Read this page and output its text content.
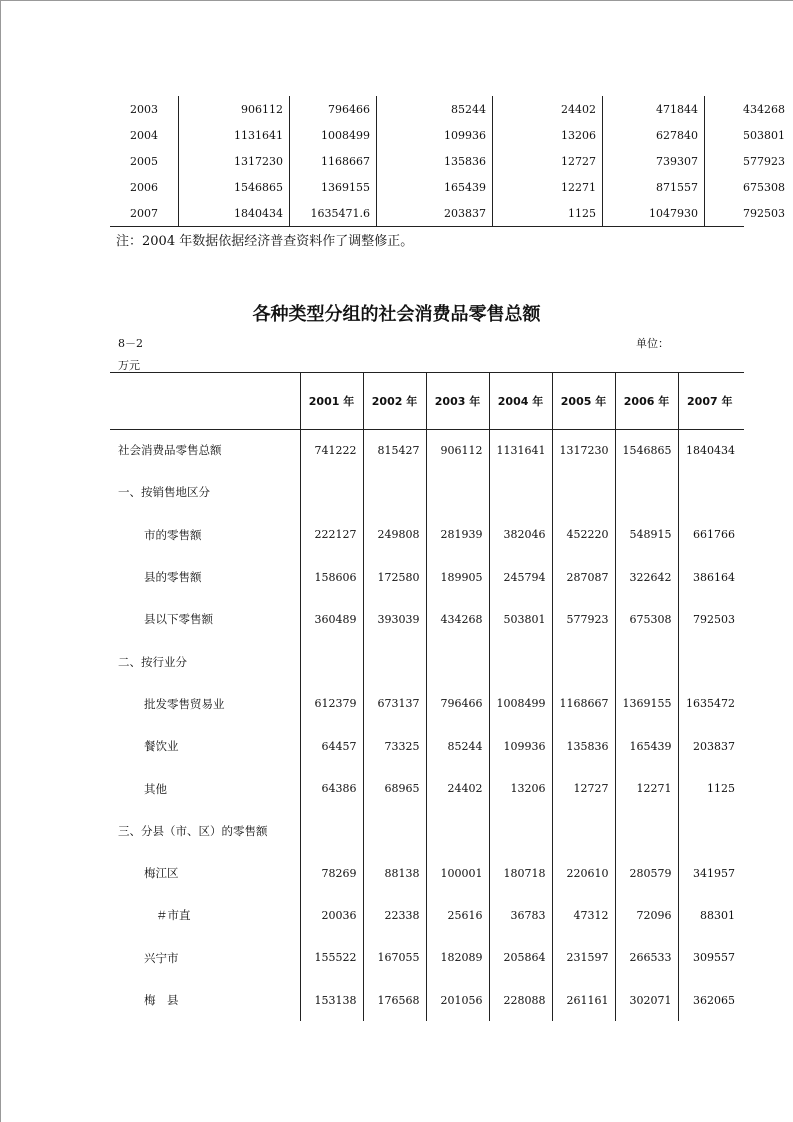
2003	906112	796466	85244	24402	471844	434268
2004	1131641	1008499	109936	13206	627840	503801
2005	1317230	1168667	135836	12727	739307	577923
2006	1546865	1369155	165439	12271	871557	675308
2007	1840434	1635471.6	203837	1125	1047930	792503
注：2004 年数据依据经济普查资料作了调整修正。
各种类型分组的社会消费品零售总额
8－2	单位：
万元
	2001 年	2002 年	2003 年	2004 年	2005 年	2006 年	2007 年
社会消费品零售总额	741222	815427	906112	1131641	1317230	1546865	1840434
一、按销售地区分							
市的零售额	222127	249808	281939	382046	452220	548915	661766
县的零售额	158606	172580	189905	245794	287087	322642	386164
县以下零售额	360489	393039	434268	503801	577923	675308	792503
二、按行业分							
批发零售贸易业	612379	673137	796466	1008499	1168667	1369155	1635472
餐饮业	64457	73325	85244	109936	135836	165439	203837
其他	64386	68965	24402	13206	12727	12271	1125
三、分县（市、区）的零售额							
梅江区	78269	88138	100001	180718	220610	280579	341957
＃市直	20036	22338	25616	36783	47312	72096	88301
兴宁市	155522	167055	182089	205864	231597	266533	309557
梅　县	153138	176568	201056	228088	261161	302071	362065
